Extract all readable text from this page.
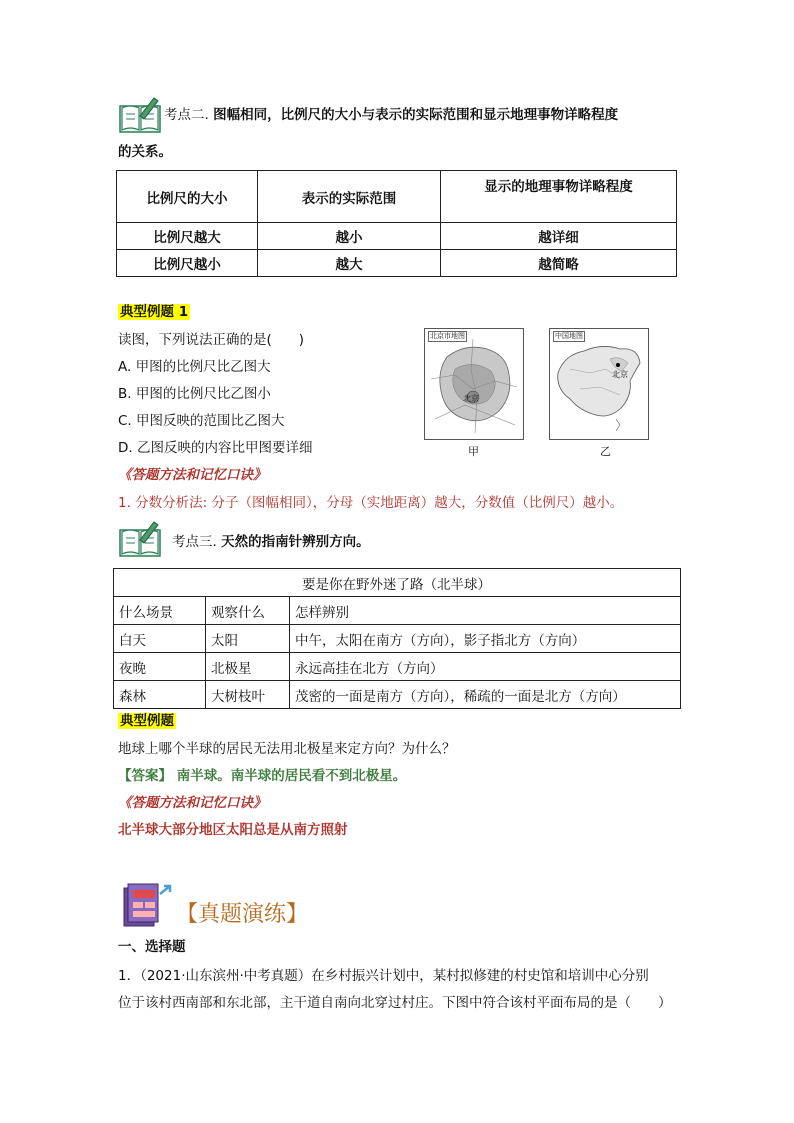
考点二. 图幅相同，比例尺的大小与表示的实际范围和显示地理事物详略程度
的关系。
比例尺的大小	表示的实际范围	显示的地理事物详略程度
比例尺越大	越小	越详细
比例尺越小	越大	越简略
典型例题 1
读图，下列说法正确的是(　　)
A. 甲图的比例尺比乙图大
B. 甲图的比例尺比乙图小
C. 甲图反映的范围比乙图大
D. 乙图反映的内容比甲图要详细
北京市地图
北京
甲
中国地图
北京
乙
《答题方法和记忆口诀》
1. 分数分析法: 分子（图幅相同），分母（实地距离）越大，分数值（比例尺）越小。
考点三. 天然的指南针辨别方向。
要是你在野外迷了路（北半球）		
什么场景	观察什么	怎样辨别
白天	太阳	中午，太阳在南方（方向），影子指北方（方向）
夜晚	北极星	永远高挂在北方（方向）
森林	大树枝叶	茂密的一面是南方（方向），稀疏的一面是北方（方向）
典型例题
地球上哪个半球的居民无法用北极星来定方向？为什么？
【答案】 南半球。南半球的居民看不到北极星。
《答题方法和记忆口诀》
北半球大部分地区太阳总是从南方照射
【真题演练】
一、选择题
1．（2021·山东滨州·中考真题）在乡村振兴计划中，某村拟修建的村史馆和培训中心分别
位于该村西南部和东北部，主干道自南向北穿过村庄。下图中符合该村平面布局的是（　　）
